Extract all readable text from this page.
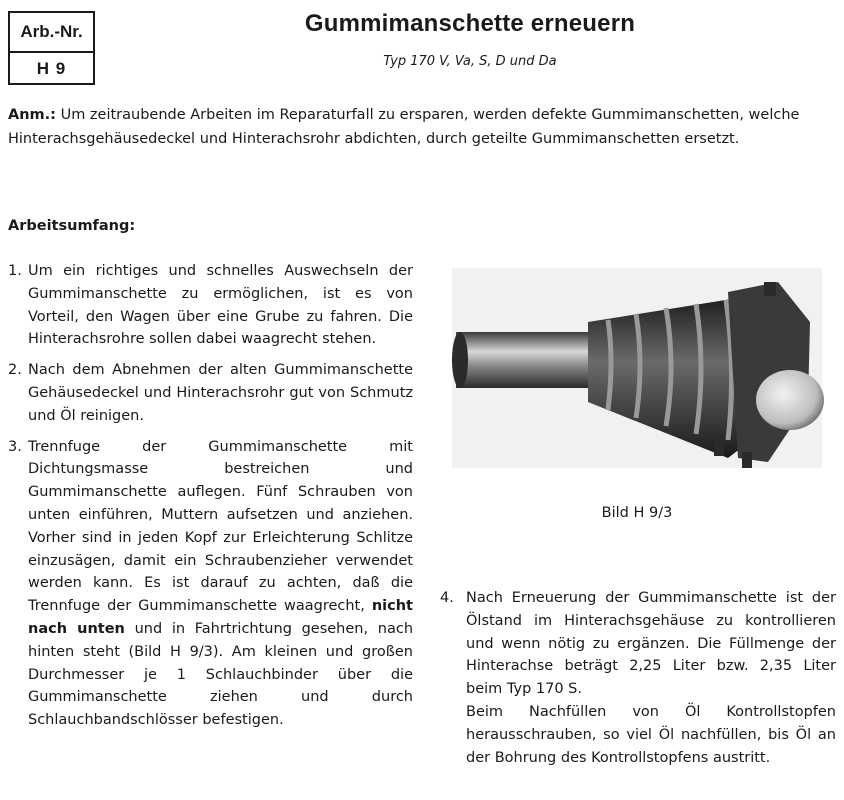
Arb.-Nr.
H 9
Gummimanschette erneuern
Typ 170 V, Va, S, D und Da
Anm.: Um zeitraubende Arbeiten im Reparaturfall zu ersparen, werden defekte Gummimanschetten, welche Hinterachsgehäusedeckel und Hinterachsrohr abdichten, durch geteilte Gummimanschetten ersetzt.
Arbeitsumfang:
1. Um ein richtiges und schnelles Auswechseln der Gummimanschette zu ermöglichen, ist es von Vorteil, den Wagen über eine Grube zu fahren. Die Hinterachsrohre sollen dabei waagrecht stehen.
2. Nach dem Abnehmen der alten Gummimanschette Gehäusedeckel und Hinterachsrohr gut von Schmutz und Öl reinigen.
3. Trennfuge der Gummimanschette mit Dichtungsmasse bestreichen und Gummimanschette auflegen. Fünf Schrauben von unten einführen, Muttern aufsetzen und anziehen. Vorher sind in jeden Kopf zur Erleichterung Schlitze einzusägen, damit ein Schraubenzieher verwendet werden kann. Es ist darauf zu achten, daß die Trennfuge der Gummimanschette waagrecht, nicht nach unten und in Fahrtrichtung gesehen, nach hinten steht (Bild H 9/3). Am kleinen und großen Durchmesser je 1 Schlauchbinder über die Gummimanschette ziehen und durch Schlauchbandschlösser befestigen.
Bild H 9/3
4. Nach Erneuerung der Gummimanschette ist der Ölstand im Hinterachsgehäuse zu kontrollieren und wenn nötig zu ergänzen. Die Füllmenge der Hinterachse beträgt 2,25 Liter bzw. 2,35 Liter beim Typ 170 S.
Beim Nachfüllen von Öl Kontrollstopfen herausschrauben, so viel Öl nachfüllen, bis Öl an der Bohrung des Kontrollstopfens austritt.
